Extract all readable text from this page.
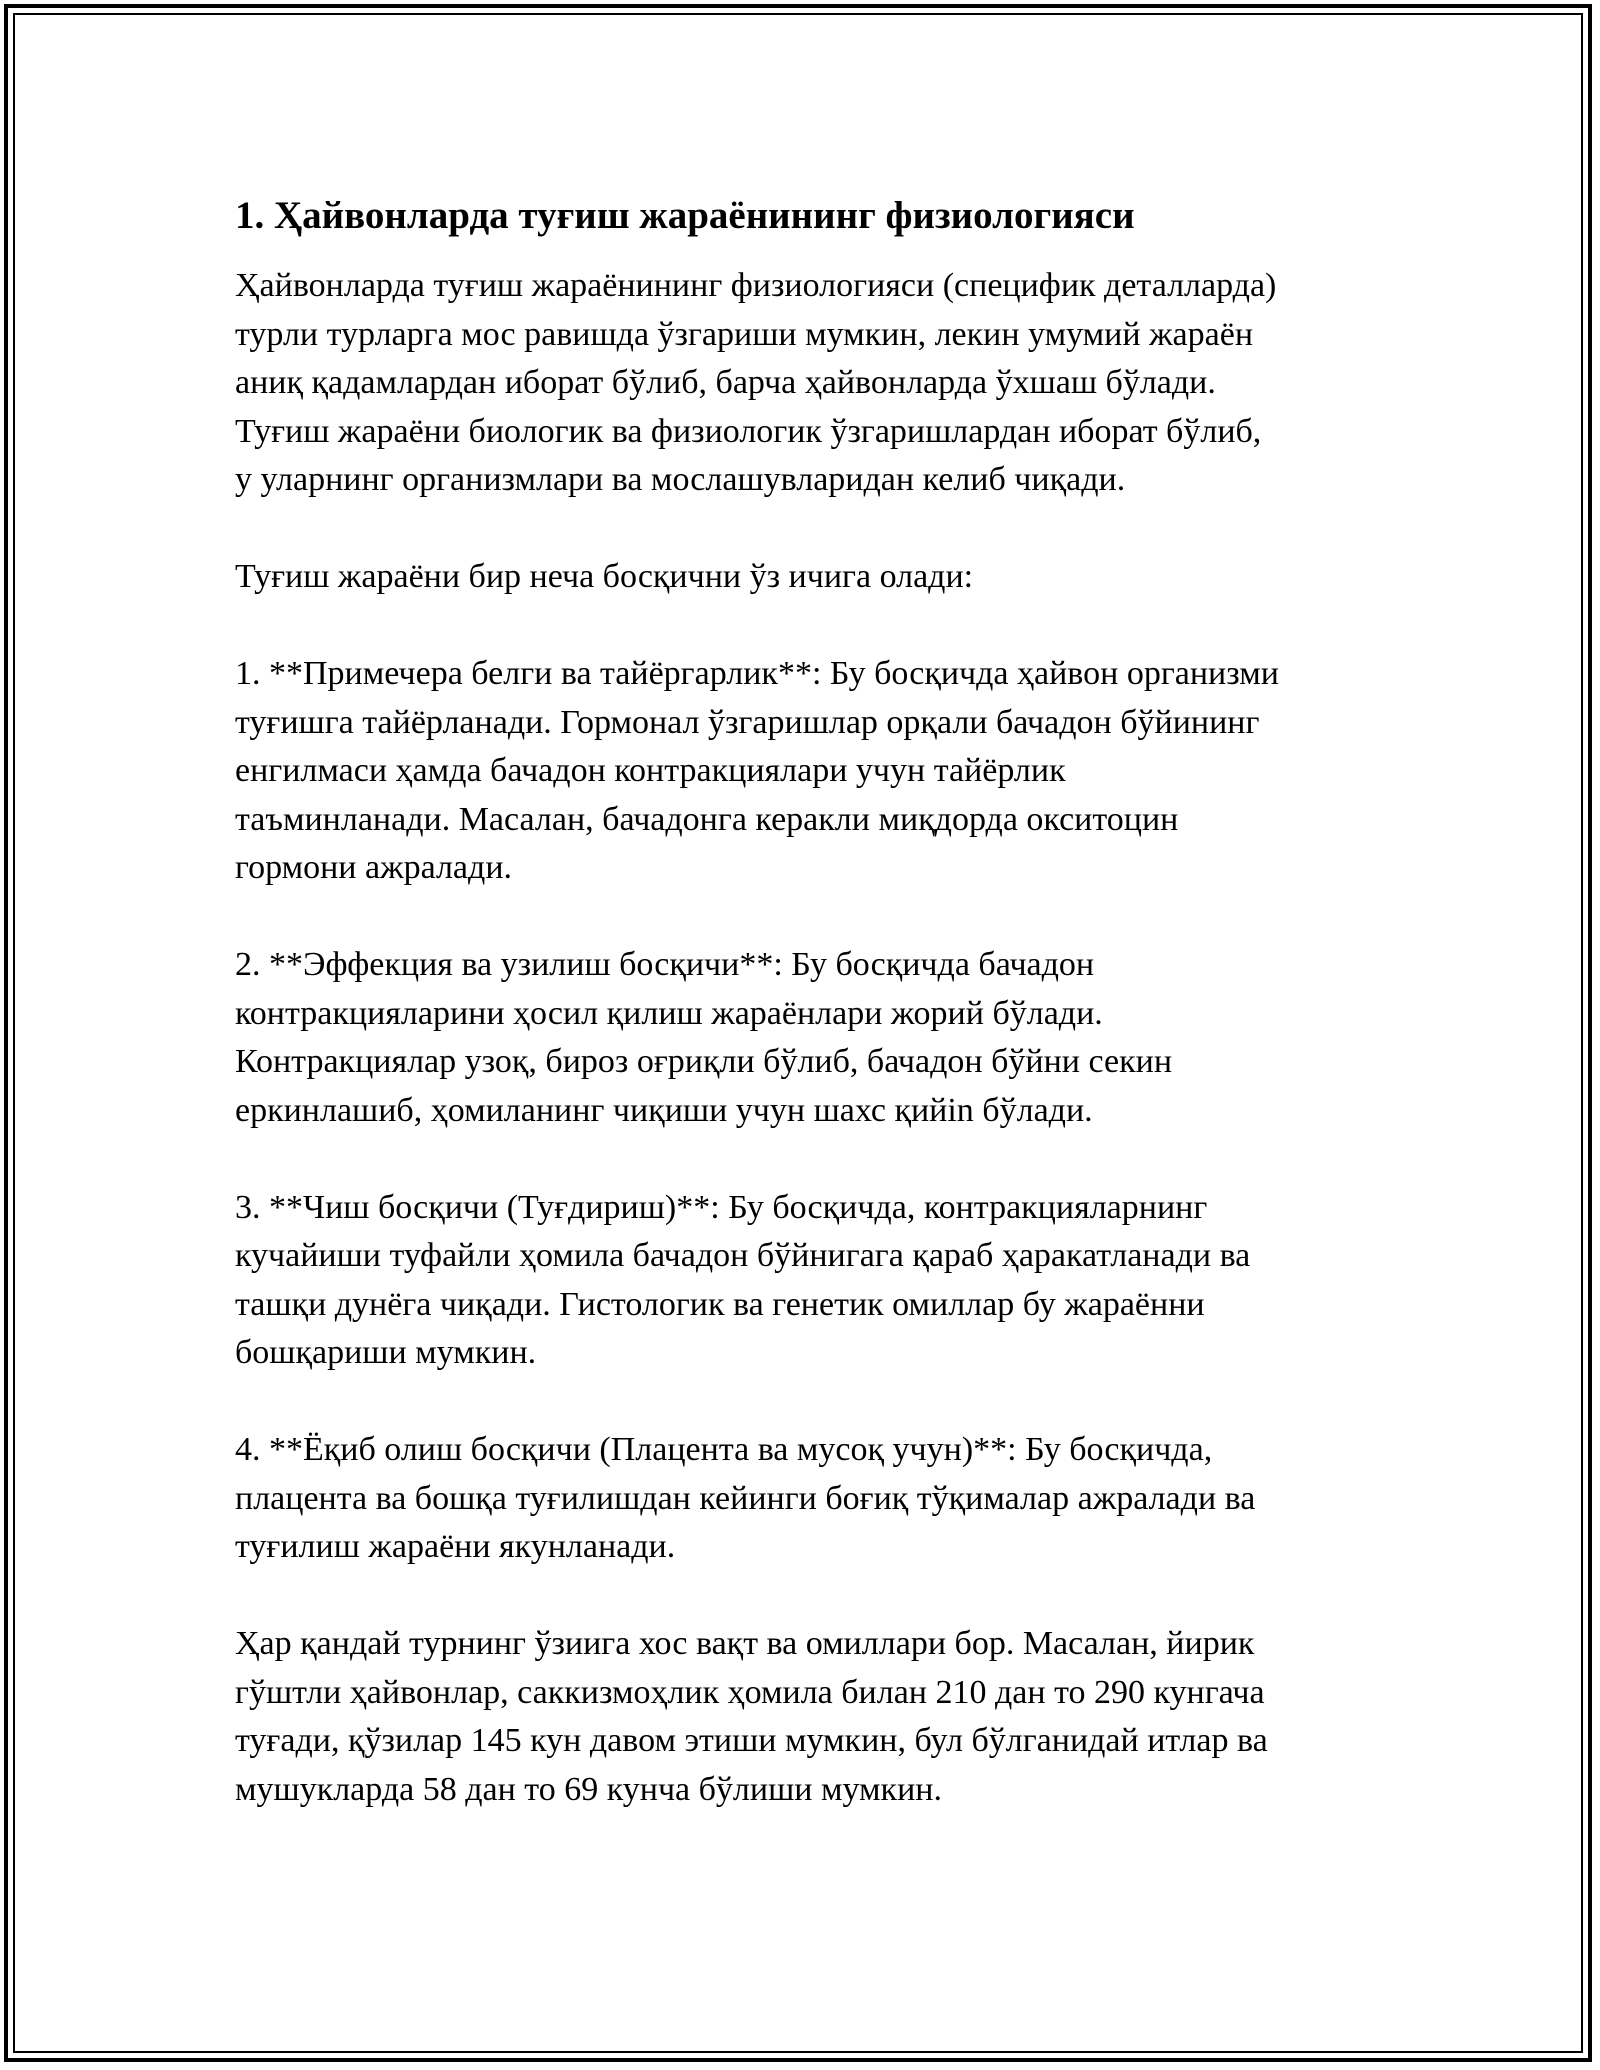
1. Ҳайвонларда туғиш жараёнининг физиологияси

Ҳайвонларда туғиш жараёнининг физиологияси (специфик деталларда)
турли турларга мос равишда ўзгариши мумкин, лекин умумий жараён
аниқ қадамлардан иборат бўлиб, барча ҳайвонларда ўхшаш бўлади.
Туғиш жараёни биологик ва физиологик ўзгаришлардан иборат бўлиб,
у уларнинг организмлари ва мослашувларидан келиб чиқади.

Туғиш жараёни бир неча босқични ўз ичига олади:

1. **Примечера белги ва тайёргарлик**: Бу босқичда ҳайвон организми
туғишга тайёрланади. Гормонал ўзгаришлар орқали бачадон бўйининг
енгилмаси ҳамда бачадон контракциялари учун тайёрлик
таъминланади. Масалан, бачадонга керакли миқдорда окситоцин
гормони ажралади.

2. **Эффекция ва узилиш босқичи**: Бу босқичда бачадон
контракцияларини ҳосил қилиш жараёнлари жорий бўлади.
Контракциялар узоқ, бироз оғриқли бўлиб, бачадон бўйни секин
еркинлашиб, ҳомиланинг чиқиши учун шахс қийin бўлади.

3. **Чиш босқичи (Туғдириш)**: Бу босқичда, контракцияларнинг
кучайиши туфайли ҳомила бачадон бўйнигага қараб ҳаракатланади ва
ташқи дунёга чиқади. Гистологик ва генетик омиллар бу жараённи
бошқариши мумкин.

4. **Ёқиб олиш босқичи (Плацента ва мусоқ учун)**: Бу босқичда,
плацента ва бошқа туғилишдан кейинги боғиқ тўқималар ажралади ва
туғилиш жараёни якунланади.

Ҳар қандай турнинг ўзиига хос вақт ва омиллари бор. Масалан, йирик
гўштли ҳайвонлар, саккизмоҳлик ҳомила билан 210 дан то 290 кунгача
туғади, қўзилар 145 кун давом этиши мумкин, бул бўлганидай итлар ва
мушукларда 58 дан то 69 кунча бўлиши мумкин.
